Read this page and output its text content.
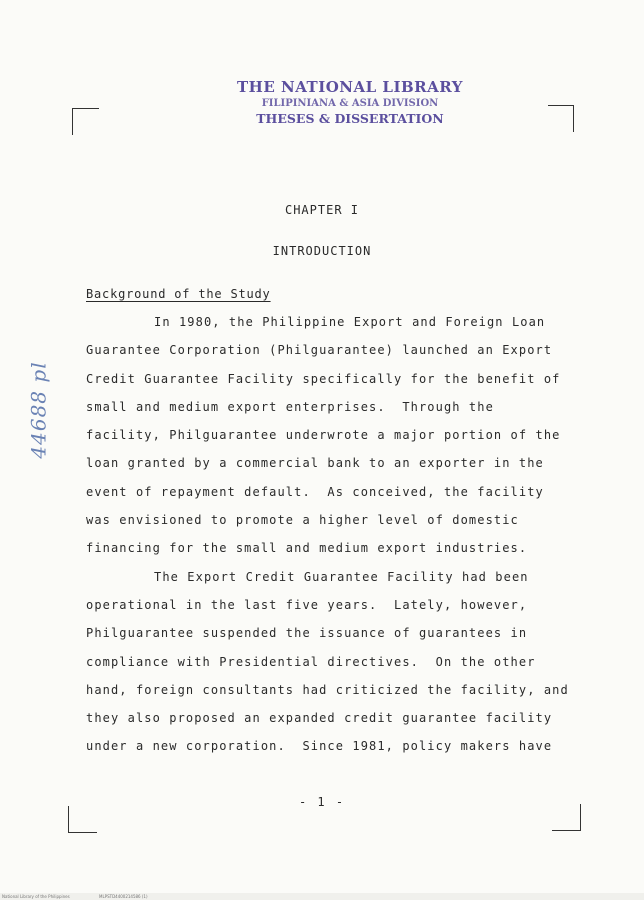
THE NATIONAL LIBRARY
FILIPINIANA & ASIA DIVISION
THESES & DISSERTATION
44688 pl
CHAPTER I
INTRODUCTION
Background of the Study
In 1980, the Philippine Export and Foreign Loan
Guarantee Corporation (Philguarantee) launched an Export
Credit Guarantee Facility specifically for the benefit of
small and medium export enterprises.  Through the
facility, Philguarantee underwrote a major portion of the
loan granted by a commercial bank to an exporter in the
event of repayment default.  As conceived, the facility
was envisioned to promote a higher level of domestic
financing for the small and medium export industries.
The Export Credit Guarantee Facility had been
operational in the last five years.  Lately, however,
Philguarantee suspended the issuance of guarantees in
compliance with Presidential directives.  On the other
hand, foreign consultants had criticized the facility, and
they also proposed an expanded credit guarantee facility
under a new corporation.  Since 1981, policy makers have
- 1 -
National Library of the Philippines	MLPSTD4400214586 (1)
